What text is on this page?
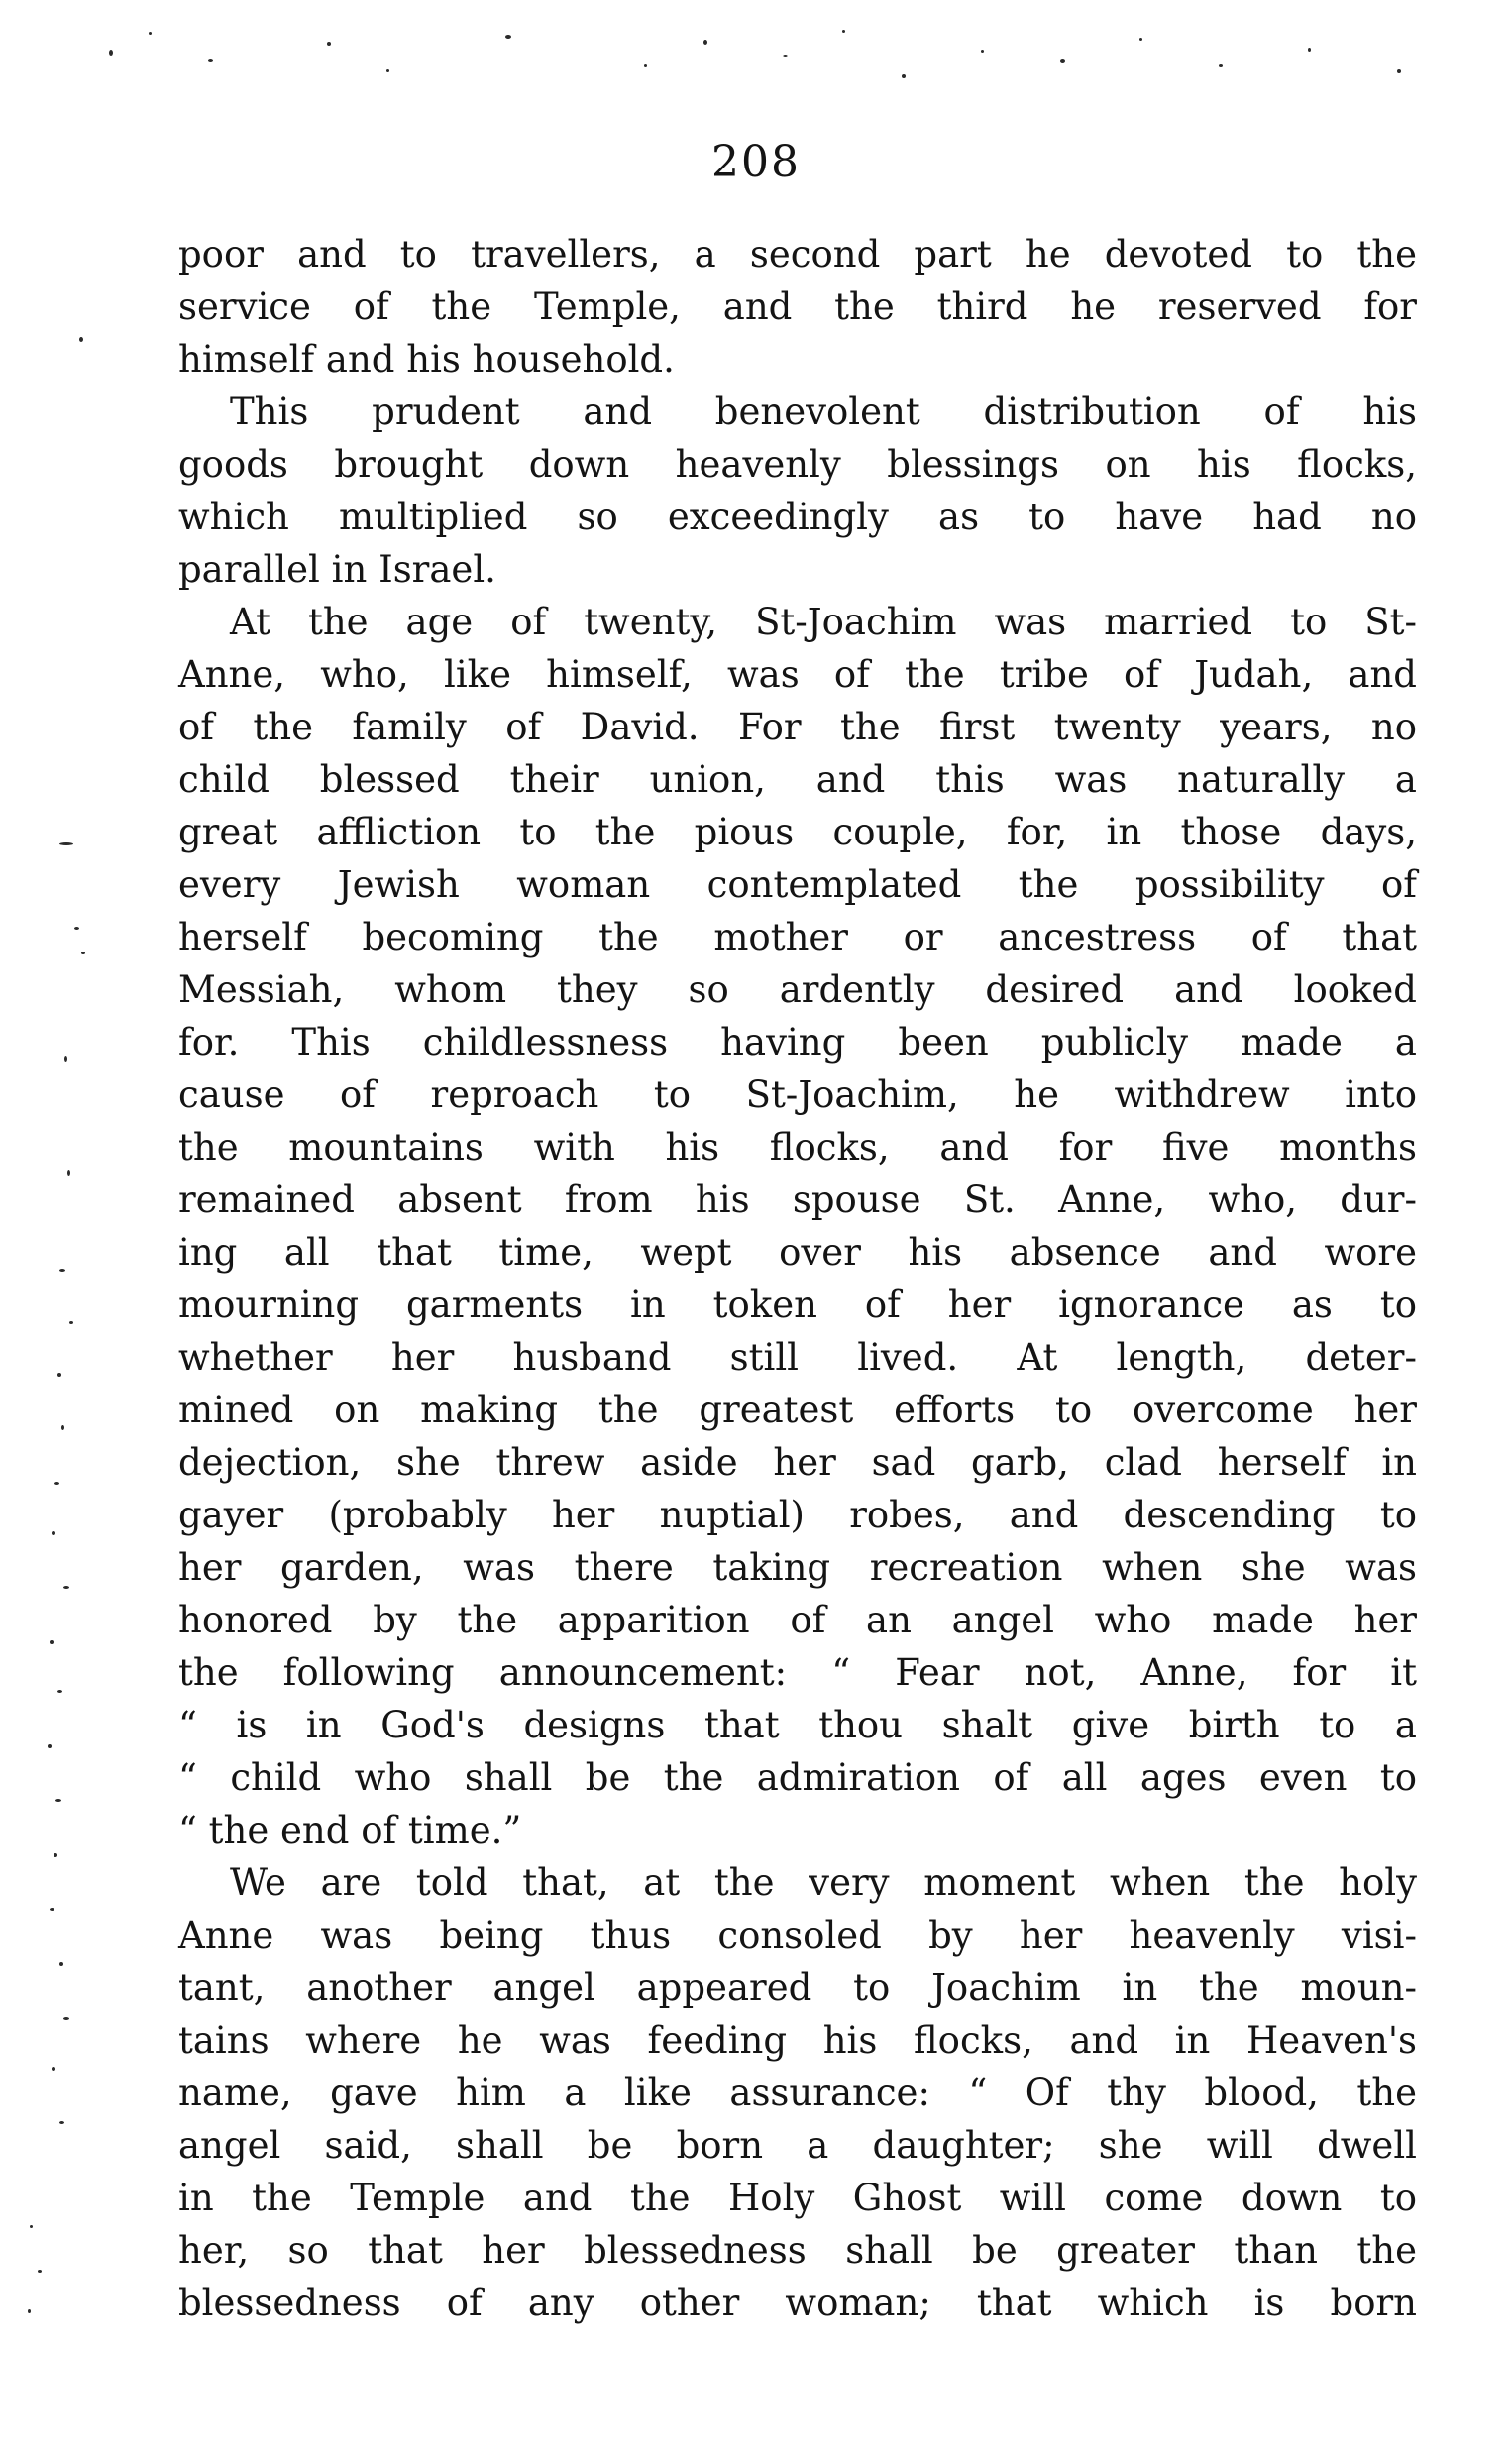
208
poor and to travellers, a second part he devoted to the
service of the Temple, and the third he reserved for
himself and his household.
This prudent and benevolent distribution of his
goods brought down heavenly blessings on his flocks,
which multiplied so exceedingly as to have had no
parallel in Israel.
At the age of twenty, St-Joachim was married to St-
Anne, who, like himself, was of the tribe of Judah, and
of the family of David. For the first twenty years, no
child blessed their union, and this was naturally a
great affliction to the pious couple, for, in those days,
every Jewish woman contemplated the possibility of
herself becoming the mother or ancestress of that
Messiah, whom they so ardently desired and looked
for. This childlessness having been publicly made a
cause of reproach to St-Joachim, he withdrew into
the mountains with his flocks, and for five months
remained absent from his spouse St. Anne, who, dur-
ing all that time, wept over his absence and wore
mourning garments in token of her ignorance as to
whether her husband still lived. At length, deter-
mined on making the greatest efforts to overcome her
dejection, she threw aside her sad garb, clad herself in
gayer (probably her nuptial) robes, and descending to
her garden, was there taking recreation when she was
honored by the apparition of an angel who made her
the following announcement: “ Fear not, Anne, for it
“ is in God's designs that thou shalt give birth to a
“ child who shall be the admiration of all ages even to
“ the end of time.”
We are told that, at the very moment when the holy
Anne was being thus consoled by her heavenly visi-
tant, another angel appeared to Joachim in the moun-
tains where he was feeding his flocks, and in Heaven's
name, gave him a like assurance: “ Of thy blood, the
angel said, shall be born a daughter; she will dwell
in the Temple and the Holy Ghost will come down to
her, so that her blessedness shall be greater than the
blessedness of any other woman; that which is born
